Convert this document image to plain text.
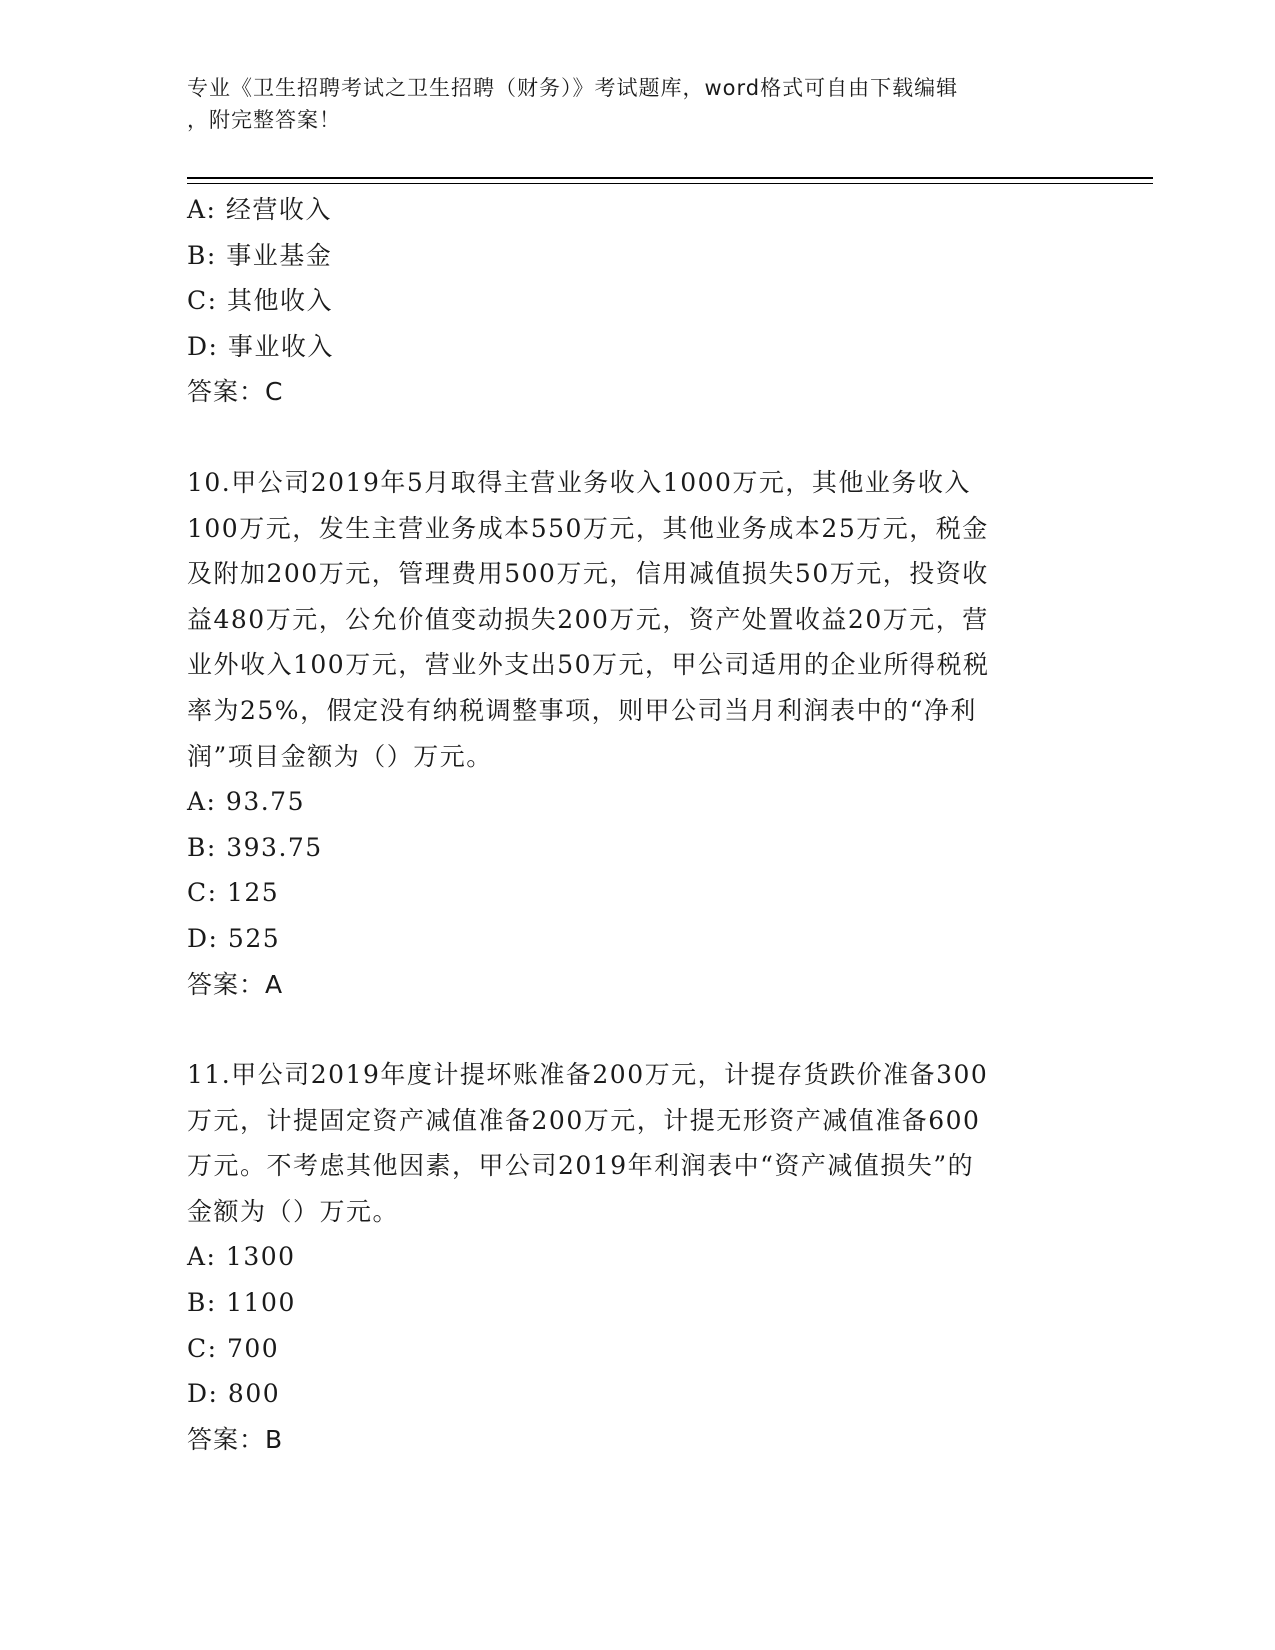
专业《卫生招聘考试之卫生招聘（财务）》考试题库，word格式可自由下载编辑
，附完整答案！
A: 经营收入
B: 事业基金
C: 其他收入
D: 事业收入
答案：C
10.甲公司2019年5月取得主营业务收入1000万元，其他业务收入
100万元，发生主营业务成本550万元，其他业务成本25万元，税金
及附加200万元，管理费用500万元，信用减值损失50万元，投资收
益480万元，公允价值变动损失200万元，资产处置收益20万元，营
业外收入100万元，营业外支出50万元，甲公司适用的企业所得税税
率为25%，假定没有纳税调整事项，则甲公司当月利润表中的“净利
润”项目金额为（）万元。
A: 93.75
B: 393.75
C: 125
D: 525
答案：A
11.甲公司2019年度计提坏账准备200万元，计提存货跌价准备300
万元，计提固定资产减值准备200万元，计提无形资产减值准备600
万元。不考虑其他因素，甲公司2019年利润表中“资产减值损失”的
金额为（）万元。
A: 1300
B: 1100
C: 700
D: 800
答案：B
